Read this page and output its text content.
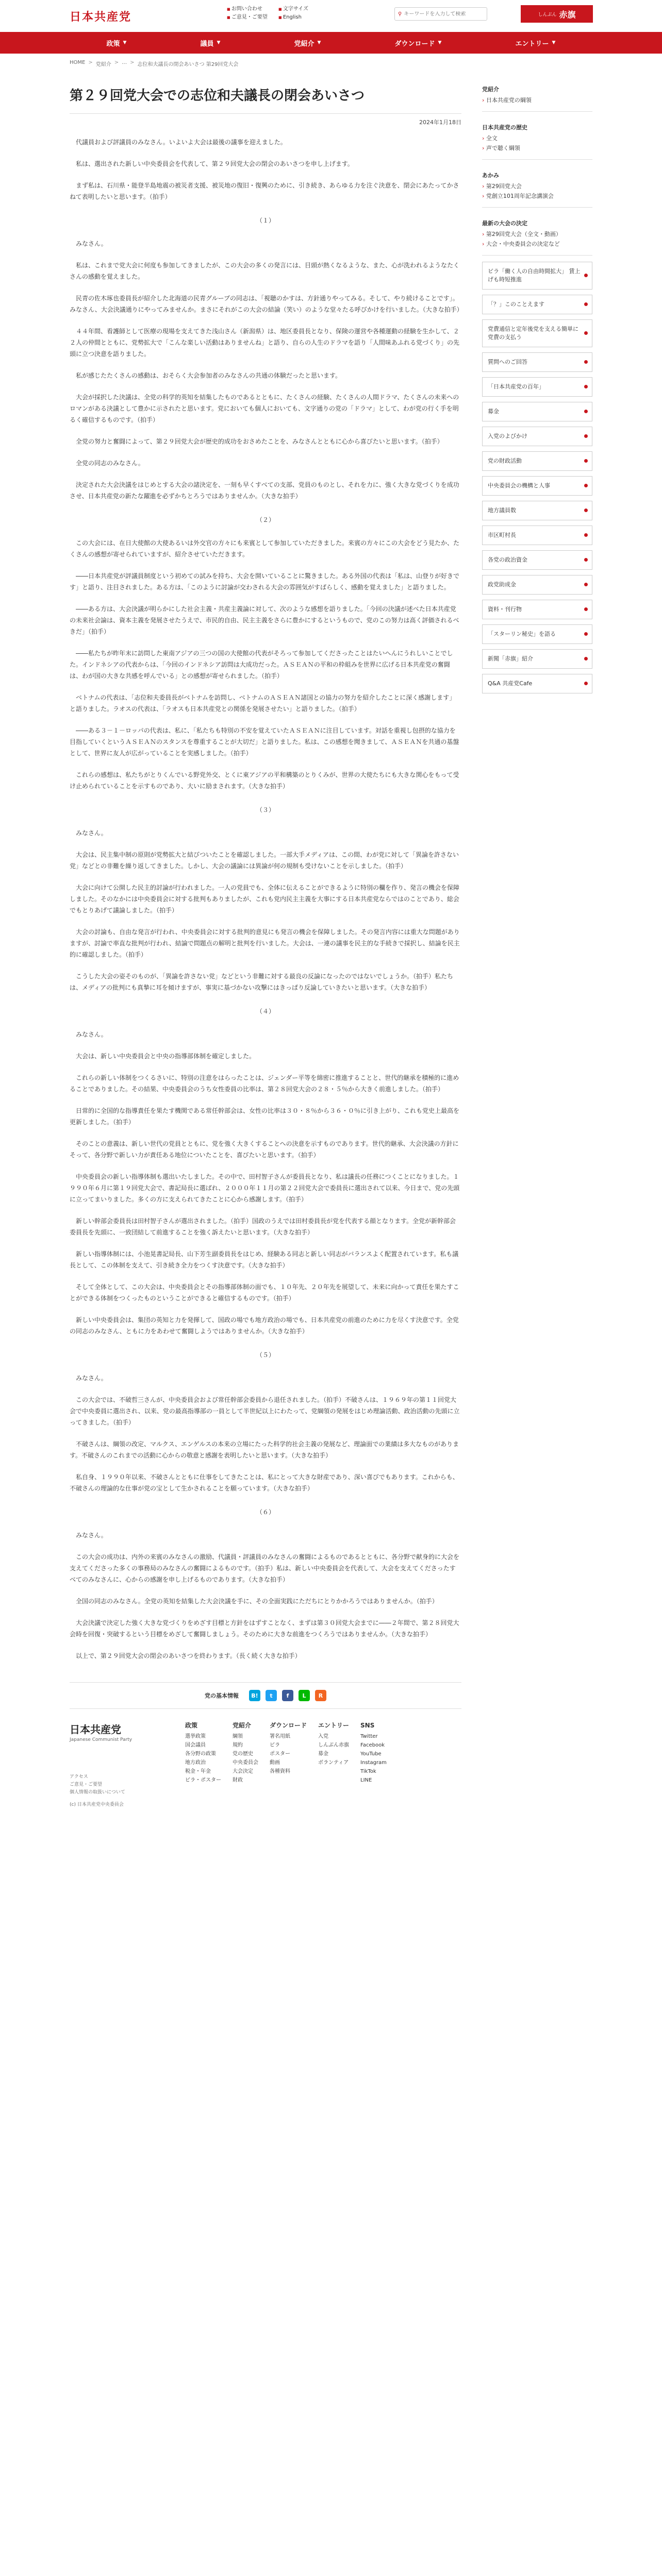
日本共産党
■ お問い合わせ	■ 文字サイズ
■ ご意見・ご要望	■ English
⚲
キーワードを入力して検索	しんぶん 赤旗
政策 ▼	議員 ▼	党紹介 ▼	ダウンロード ▼	エントリー ▼
HOME > 党紹介 > … > 志位和夫議長の閉会あいさつ 第29回党大会
第２９回党大会での志位和夫議長の閉会あいさつ
2024年1月18日

代議員および評議員のみなさん。いよいよ大会は最後の議事を迎えました。

私は、選出された新しい中央委員会を代表して、第２９回党大会の閉会のあいさつを申し上げます。

まず私は、石川県・能登半島地震の被災者支援、被災地の復旧・復興のために、引き続き、あらゆる力を注ぐ決意を、閉会にあたってかさねて表明したいと思います。（拍手）

（１）

みなさん。

私は、これまで党大会に何度も参加してきましたが、この大会の多くの発言には、目頭が熱くなるような、また、心が洗われるようなたくさんの感動を覚えました。

民青の佐木琢也委員長が紹介した北海道の民青グループの同志は、「視聴のかすは、方針通りやってみる。そして、やり続けることです」。みなさん、大会決議通りにやってみませんか。まさにそれがこの大会の結論（笑い）のような堂々たる呼びかけを行いました。（大きな拍手）

４４年間、看護師として医療の現場を支えてきた浅山さん（新潟県）は、地区委員長となり、保険の運営や各種運動の経験を生かして、２２人の仲間とともに、党勢拡大で「こんな楽しい活動はありませんね」と語り、自らの人生のドラマを語り「人間味あふれる党づくり」の先頭に立つ決意を語りました。

私が感じたたくさんの感動は、おそらく大会参加者のみなさんの共通の体験だったと思います。

大会が採択した決議は、全党の科学的英知を結集したものであるとともに、たくさんの経験、たくさんの人間ドラマ、たくさんの未来へのロマンがある決議として豊かに示されたと思います。党においても個人においても、文字通りの党の「ドラマ」として、わが党の行く手を明るく確信するものです。（拍手）

全党の努力と奮闘によって、第２９回党大会が歴史的成功をおさめたことを、みなさんとともに心から喜びたいと思います。（拍手）

全党の同志のみなさん。

決定された大会決議をはじめとする大会の諸決定を、一刻も早くすべての支部、党員のものとし、それを力に、強く大きな党づくりを成功させ、日本共産党の新たな躍進を必ずかちとろうではありませんか。（大きな拍手）

（２）

この大会には、在日大使館の大使あるいは外交官の方々にも来賓として参加していただきました。来賓の方々にこの大会をどう見たか、たくさんの感想が寄せられていますが、紹介させていただきます。

――日本共産党が評議員制度という初めての試みを持ち、大会を開いていることに驚きました。ある外国の代表は「私は、山登りが好きです」と語り、注目されました。ある方は、「このように討論が交わされる大会の雰囲気がすばらしく、感動を覚えました」と語りました。

――ある方は、大会決議が明らかにした社会主義・共産主義論に対して、次のような感想を語りました。「今回の決議が述べた日本共産党の未来社会論は、資本主義を発展させたうえで、市民的自由、民主主義をさらに豊かにするというもので、党のこの努力は高く評価されるべきだ」（拍手）

――私たちが昨年末に訪問した東南アジアの三つの国の大使館の代表がそろって参加してくださったことはたいへんにうれしいことでした。インドネシアの代表からは、「今回のインドネシア訪問は大成功だった。ＡＳＥＡＮの平和の枠組みを世界に広げる日本共産党の奮闘は、わが国の大きな共感を呼んでいる」との感想が寄せられました。（拍手）

ベトナムの代表は、「志位和夫委員長がベトナムを訪問し、ベトナムのＡＳＥＡＮ諸国との協力の努力を紹介したことに深く感謝します」と語りました。ラオスの代表は、「ラオスも日本共産党との関係を発展させたい」と語りました。（拍手）

――ある３－１－ロッパの代表は、私に、「私たちも特別の不安を覚えていたＡＳＥＡＮに注目しています。対話を重視し包摂的な協力を目指していくというＡＳＥＡＮのスタンスを尊重することが大切だ」と語りました。私は、この感想を聞きまして、ＡＳＥＡＮを共通の基盤として、世界に友人が広がっていることを実感しました。（拍手）

これらの感想は、私たちがとりくんでいる野党外交、とくに東アジアの平和構築のとりくみが、世界の大使たちにも大きな関心をもって受け止められていることを示すものであり、大いに励まされます。（大きな拍手）

（３）

みなさん。

大会は、民主集中制の原則が党勢拡大と結びついたことを確認しました。一部大手メディアは、この間、わが党に対して「異論を許さない党」などとの非難を繰り返してきました。しかし、大会の議論には異論が何の規制も受けないことを示しました。（拍手）

大会に向けて公開した民主的討論が行われました。一人の党員でも、全体に伝えることができるように特別の欄を作り、発言の機会を保障しました。そのなかには中央委員会に対する批判もありましたが、これも党内民主主義を大事にする日本共産党ならではのことであり、総会でもとりあげて議論しました。（拍手）

大会の討論も、自由な発言が行われ、中央委員会に対する批判的意見にも発言の機会を保障しました。その発言内容には重大な問題がありますが、討論で率直な批判が行われ、結論で問題点の解明と批判を行いました。大会は、一連の議事を民主的な手続きで採択し、結論を民主的に確認しました。（拍手）

こうした大会の姿そのものが、「異論を許さない党」などという非難に対する最良の反論になったのではないでしょうか。（拍手）私たちは、メディアの批判にも真摯に耳を傾けますが、事実に基づかない攻撃にはきっぱり反論していきたいと思います。（大きな拍手）

（４）

みなさん。

大会は、新しい中央委員会と中央の指導部体制を確定しました。

これらの新しい体制をつくるさいに、特別の注意をはらったことは、ジェンダー平等を綿密に推進することと、世代的継承を積極的に進めることでありました。その結果、中央委員会のうち女性委員の比率は、第２８回党大会の２８・５％から大きく前進しました。（拍手）

日常的に全国的な指導責任を果たす機関である常任幹部会は、女性の比率は３０・８％から３６・０％に引き上がり、これも党史上最高を更新しました。（拍手）

そのことの意義は、新しい世代の党員とともに、党を強く大きくすることへの決意を示すものであります。世代的継承、大会決議の方針にそって、各分野で新しい力が責任ある地位についたことを、喜びたいと思います。（拍手）

中央委員会の新しい指導体制も選出いたしました。その中で、田村智子さんが委員長となり、私は議長の任務につくことになりました。１９９０年６月に第１９回党大会で、書記局長に選ばれ、２０００年１１月の第２２回党大会で委員長に選出されて以来、今日まで、党の先頭に立ってまいりました。多くの方に支えられてきたことに心から感謝します。（拍手）

新しい幹部会委員長は田村智子さんが選出されました。（拍手）国政のうえでは田村委員長が党を代表する顔となります。全党が新幹部会委員長を先頭に、一致団結して前進することを強く訴えたいと思います。（大きな拍手）

新しい指導体制には、小池晃書記局長、山下芳生副委員長をはじめ、経験ある同志と新しい同志がバランスよく配置されています。私も議長として、この体制を支えて、引き続き全力をつくす決意です。（大きな拍手）

そして全体として、この大会は、中央委員会とその指導部体制の面でも、１０年先、２０年先を展望して、未来に向かって責任を果たすことができる体制をつくったものということができると確信するものです。（拍手）

新しい中央委員会は、集団の英知と力を発揮して、国政の場でも地方政治の場でも、日本共産党の前進のために力を尽くす決意です。全党の同志のみなさん、ともに力をあわせて奮闘しようではありませんか。（大きな拍手）

（５）

みなさん。

この大会では、不破哲三さんが、中央委員会および常任幹部会委員から退任されました。（拍手）不破さんは、１９６９年の第１１回党大会で中央委員に選出され、以来、党の最高指導部の一員として半世紀以上にわたって、党綱領の発展をはじめ理論活動、政治活動の先頭に立ってきました。（拍手）

不破さんは、綱領の改定、マルクス、エンゲルスの本来の立場にたった科学的社会主義の発展など、理論面での業績は多大なものがあります。不破さんのこれまでの活動に心からの敬意と感謝を表明したいと思います。（大きな拍手）

私自身、１９９０年以来、不破さんとともに仕事をしてきたことは、私にとって大きな財産であり、深い喜びでもあります。これからも、不破さんの理論的な仕事が党の宝として生かされることを願っています。（大きな拍手）

（６）

みなさん。

この大会の成功は、内外の来賓のみなさんの激励、代議員・評議員のみなさんの奮闘によるものであるとともに、各分野で献身的に大会を支えてくださった多くの事務局のみなさんの奮闘によるものです。（拍手）私は、新しい中央委員会を代表して、大会を支えてくださったすべてのみなさんに、心からの感謝を申し上げるものであります。（大きな拍手）

全国の同志のみなさん。全党の英知を結集した大会決議を手に、その全面実践にただちにとりかかろうではありませんか。（拍手）

大会決議で決定した強く大きな党づくりをめざす目標と方針をはずすことなく、まずは第３０回党大会までに――２年間で、第２８回党大会時を回復・突破するという目標をめざして奮闘しましょう。そのために大きな前進をつくろうではありませんか。（大きな拍手）

以上で、第２９回党大会の閉会のあいさつを終わります。（長く続く大きな拍手）

党の基本情報	B!	t	f	L	R
党紹介
› 日本共産党の綱領
日本共産党の歴史
› 全文
› 声で聴く綱領
あかみ
› 第29回党大会
› 党創立101周年記念講演会
最新の大会の決定
› 第29回党大会（全文・動画）
› 大会・中央委員会の決定など
ビラ「働く人の自由時間拡大」 賃上げも時短推進
「？」このことえます
党費通信と定年後党を支える簡単に党費の支払う
質問へのご回答
「日本共産党の百年」
募金
入党のよびかけ
党の財政活動
中央委員会の機構と人事
地方議員数
市区町村長
各党の政治資金
政党助成金
資料・刊行物
「スターリン秘史」を語る
新聞「赤旗」紹介
Q&A 共産党Cafe
日本共産党
Japanese Communist Party
アクセス
ご意見・ご要望
個人情報の取扱いについて
(c) 日本共産党中央委員会
政策
選挙政策
国会議員
各分野の政策
地方政治
税金・年金
ビラ・ポスター
党紹介
綱領
規約
党の歴史
中央委員会
大会決定
財政
ダウンロード
署名用紙
ビラ
ポスター
動画
各種資料
エントリー
入党
しんぶん赤旗
募金
ボランティア
SNS
Twitter
Facebook
YouTube
Instagram
TikTok
LINE
